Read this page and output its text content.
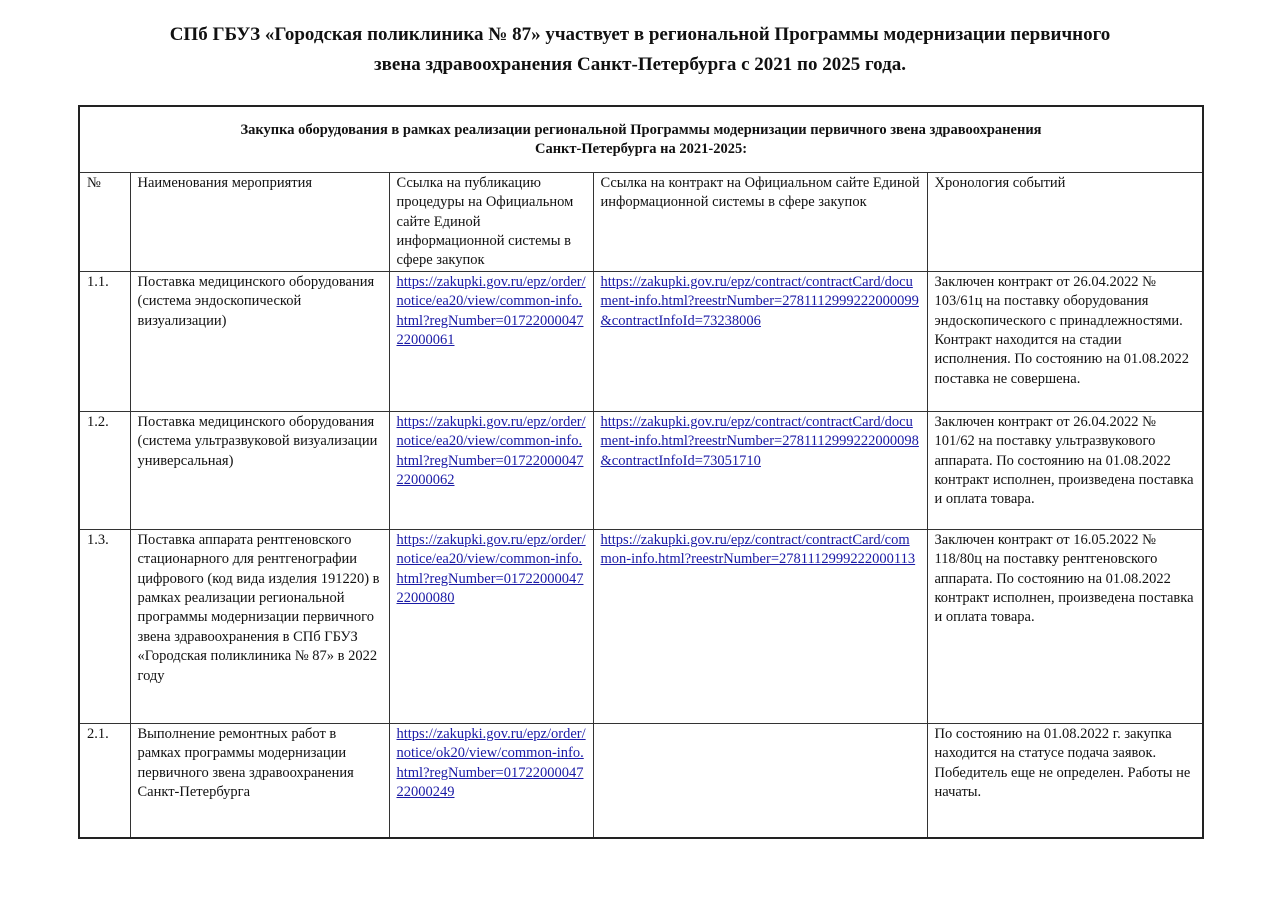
СПб ГБУЗ «Городская поликлиника № 87» участвует в региональной Программы модернизации первичного
звена здравоохранения Санкт-Петербурга с 2021 по 2025 года.
Закупка оборудования в рамках реализации региональной Программы модернизации первичного звена здравоохранения
Санкт-Петербурга на 2021-2025:				

№	Наименования мероприятия	Ссылка на публикацию процедуры на Официальном сайте Единой информационной системы в сфере закупок	Ссылка на контракт на Официальном сайте Единой информационной системы в сфере закупок	Хронология событий
1.1.	Поставка медицинского оборудования (система эндоскопической визуализации)	https://zakupki.gov.ru/epz/order/notice/ea20/view/common-info.html?regNumber=0172200004722000061	https://zakupki.gov.ru/epz/contract/contractCard/document-info.html?reestrNumber=2781112999222000099&contractInfoId=73238006	Заключен контракт от 26.04.2022 № 103/61ц на поставку оборудования эндоскопического с принадлежностями. Контракт находится на стадии исполнения. По состоянию на 01.08.2022 поставка не совершена.
1.2.	Поставка медицинского оборудования (система ультразвуковой визуализации универсальная)	https://zakupki.gov.ru/epz/order/notice/ea20/view/common-info.html?regNumber=0172200004722000062	https://zakupki.gov.ru/epz/contract/contractCard/document-info.html?reestrNumber=2781112999222000098&contractInfoId=73051710	Заключен контракт от 26.04.2022 № 101/62 на поставку ультразвукового аппарата. По состоянию на 01.08.2022 контракт исполнен, произведена поставка и оплата товара.
1.3.	Поставка аппарата рентгеновского стационарного для рентгенографии цифрового (код вида изделия 191220) в рамках реализации региональной программы модернизации первичного звена здравоохранения в СПб ГБУЗ «Городская поликлиника № 87» в 2022 году	https://zakupki.gov.ru/epz/order/notice/ea20/view/common-info.html?regNumber=0172200004722000080	https://zakupki.gov.ru/epz/contract/contractCard/common-info.html?reestrNumber=2781112999222000113	Заключен контракт от 16.05.2022 № 118/80ц на поставку рентгеновского аппарата. По состоянию на 01.08.2022 контракт исполнен, произведена поставка и оплата товара.
2.1.	Выполнение ремонтных работ в рамках программы модернизации первичного звена здравоохранения Санкт-Петербурга	https://zakupki.gov.ru/epz/order/notice/ok20/view/common-info.html?regNumber=0172200004722000249		По состоянию на 01.08.2022 г. закупка находится на статусе подача заявок. Победитель еще не определен. Работы не начаты.
